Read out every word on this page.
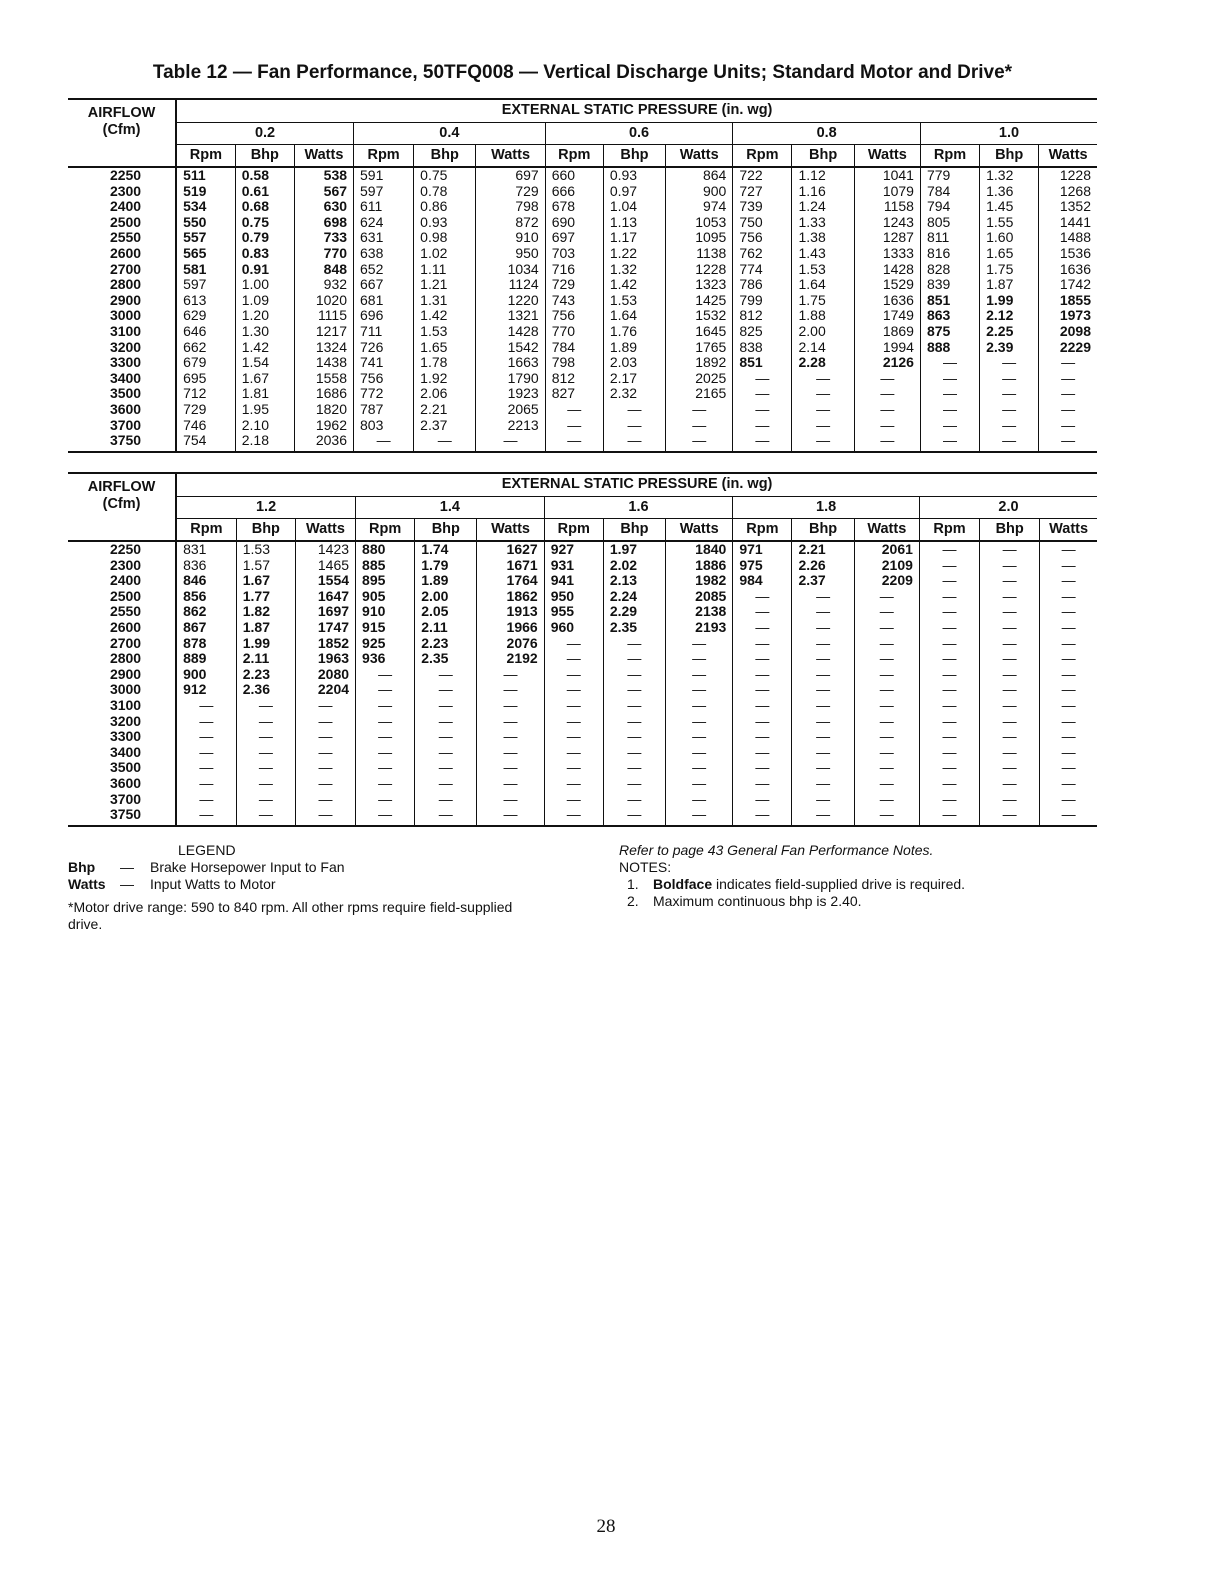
Table 12 — Fan Performance, 50TFQ008 — Vertical Discharge Units; Standard Motor and Drive*
AIRFLOW
(Cfm)	EXTERNAL STATIC PRESSURE (in. wg)														
	0.2			0.4			0.6			0.8			1.0		
	Rpm	Bhp	Watts	Rpm	Bhp	Watts	Rpm	Bhp	Watts	Rpm	Bhp	Watts	Rpm	Bhp	Watts
2250	511	0.58	538	591	0.75	697	660	0.93	864	722	1.12	1041	779	1.32	1228
2300	519	0.61	567	597	0.78	729	666	0.97	900	727	1.16	1079	784	1.36	1268
2400	534	0.68	630	611	0.86	798	678	1.04	974	739	1.24	1158	794	1.45	1352
2500	550	0.75	698	624	0.93	872	690	1.13	1053	750	1.33	1243	805	1.55	1441
2550	557	0.79	733	631	0.98	910	697	1.17	1095	756	1.38	1287	811	1.60	1488
2600	565	0.83	770	638	1.02	950	703	1.22	1138	762	1.43	1333	816	1.65	1536
2700	581	0.91	848	652	1.11	1034	716	1.32	1228	774	1.53	1428	828	1.75	1636
2800	597	1.00	932	667	1.21	1124	729	1.42	1323	786	1.64	1529	839	1.87	1742
2900	613	1.09	1020	681	1.31	1220	743	1.53	1425	799	1.75	1636	851	1.99	1855
3000	629	1.20	1115	696	1.42	1321	756	1.64	1532	812	1.88	1749	863	2.12	1973
3100	646	1.30	1217	711	1.53	1428	770	1.76	1645	825	2.00	1869	875	2.25	2098
3200	662	1.42	1324	726	1.65	1542	784	1.89	1765	838	2.14	1994	888	2.39	2229
3300	679	1.54	1438	741	1.78	1663	798	2.03	1892	851	2.28	2126	—	—	—
3400	695	1.67	1558	756	1.92	1790	812	2.17	2025	—	—	—	—	—	—
3500	712	1.81	1686	772	2.06	1923	827	2.32	2165	—	—	—	—	—	—
3600	729	1.95	1820	787	2.21	2065	—	—	—	—	—	—	—	—	—
3700	746	2.10	1962	803	2.37	2213	—	—	—	—	—	—	—	—	—
3750	754	2.18	2036	—	—	—	—	—	—	—	—	—	—	—	—
AIRFLOW
(Cfm)	EXTERNAL STATIC PRESSURE (in. wg)														
	1.2			1.4			1.6			1.8			2.0		
	Rpm	Bhp	Watts	Rpm	Bhp	Watts	Rpm	Bhp	Watts	Rpm	Bhp	Watts	Rpm	Bhp	Watts
2250	831	1.53	1423	880	1.74	1627	927	1.97	1840	971	2.21	2061	—	—	—
2300	836	1.57	1465	885	1.79	1671	931	2.02	1886	975	2.26	2109	—	—	—
2400	846	1.67	1554	895	1.89	1764	941	2.13	1982	984	2.37	2209	—	—	—
2500	856	1.77	1647	905	2.00	1862	950	2.24	2085	—	—	—	—	—	—
2550	862	1.82	1697	910	2.05	1913	955	2.29	2138	—	—	—	—	—	—
2600	867	1.87	1747	915	2.11	1966	960	2.35	2193	—	—	—	—	—	—
2700	878	1.99	1852	925	2.23	2076	—	—	—	—	—	—	—	—	—
2800	889	2.11	1963	936	2.35	2192	—	—	—	—	—	—	—	—	—
2900	900	2.23	2080	—	—	—	—	—	—	—	—	—	—	—	—
3000	912	2.36	2204	—	—	—	—	—	—	—	—	—	—	—	—
3100	—	—	—	—	—	—	—	—	—	—	—	—	—	—	—
3200	—	—	—	—	—	—	—	—	—	—	—	—	—	—	—
3300	—	—	—	—	—	—	—	—	—	—	—	—	—	—	—
3400	—	—	—	—	—	—	—	—	—	—	—	—	—	—	—
3500	—	—	—	—	—	—	—	—	—	—	—	—	—	—	—
3600	—	—	—	—	—	—	—	—	—	—	—	—	—	—	—
3700	—	—	—	—	—	—	—	—	—	—	—	—	—	—	—
3750	—	—	—	—	—	—	—	—	—	—	—	—	—	—	—
LEGEND
Bhp	—	Brake Horsepower Input to Fan
Watts	—	Input Watts to Motor
*Motor drive range: 590 to 840 rpm. All other rpms require field-supplied drive.
Refer to page 43 General Fan Performance Notes.
NOTES:
1.	Boldface indicates field-supplied drive is required.
2.	Maximum continuous bhp is 2.40.
28
